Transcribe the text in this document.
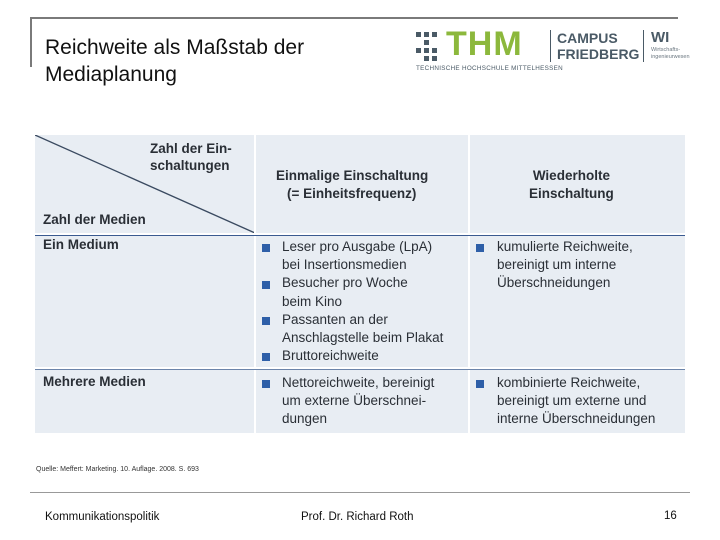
Reichweite als Maßstab der
Mediaplanung
THM
TECHNISCHE HOCHSCHULE MITTELHESSEN
CAMPUS
FRIEDBERG
WI
Wirtschafts-
ingenieurwesen
Zahl der Ein-
schaltungen
Zahl der Medien
Einmalige Einschaltung
(= Einheitsfrequenz)
Wiederholte
Einschaltung
Ein Medium
Mehrere Medien
Leser pro Ausgabe (LpA)
bei Insertionsmedien
Besucher pro Woche
beim Kino
Passanten an der
Anschlagstelle beim Plakat
Bruttoreichweite
kumulierte Reichweite,
bereinigt um interne
Überschneidungen
Nettoreichweite, bereinigt
um externe Überschnei-
dungen
kombinierte Reichweite,
bereinigt um externe und
interne Überschneidungen
Quelle: Meffert: Marketing. 10. Auflage. 2008. S. 693
Kommunikationspolitik	Prof. Dr. Richard Roth	16
